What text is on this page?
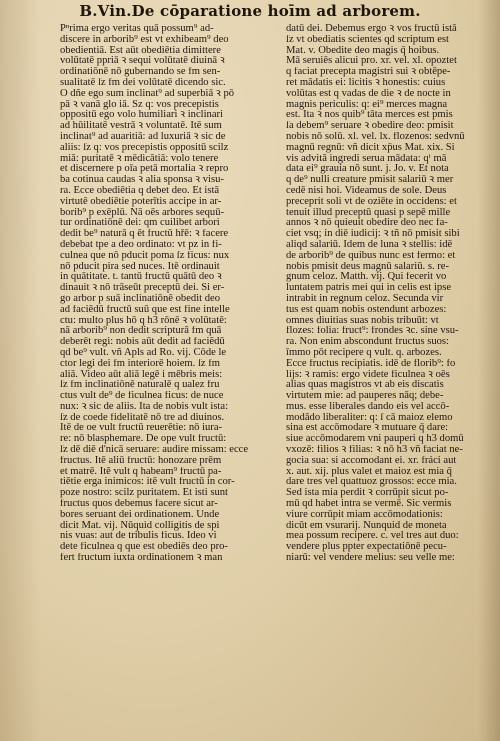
B.Vin.De cōparatione hoīm ad arborem.
Pⁿrima ergo veritas quā possum⁹ ad-
discere in arborib⁹ est vt exhibeam⁹ deo
obedientiā. Est aūt obediētia dimittere
volūtatē ppriā ꝛ sequi volūtatē diuinā ꝛ
ordinatiōnē nō gubernando se fm sen-
sualitatē ſz fm dei volūtatē dicendo sic.
O dñe ego sum inclinat⁹ ad superbiā ꝛ pō
pā ꝛ vanā glo iā. Sz q: vos precepistis
oppositū ego volo humiliari ꝛ inclinari
ad hūilitatē vestrā ꝛ voluntatē. Itē sum
inclinat⁹ ad auaritiā: ad luxuriā ꝛ sic de
aliis: ſz q: vos precepistis oppositū scilz
miā: puritatē ꝛ mēdicātiā: volo tenere
et discernere p oīa petā mortalia ꝛ repro
ba cotinua caudas ꝛ alia sponsa ꝛ visu-
ra. Ecce obediētia q debet deo. Et istā
virtutē obediētie poterītis accipe in ar-
borib⁹ p exēplū. Nā oēs arbores sequū-
tur ordinatiōnē dei: qm cuilibet arbori
dedit be⁹ naturā q ēt fructū hřē: ꝛ facere
debebat tpe a deo ordinato: vt pz in fi-
culnea que nō pducit poma ſz ficus: nux
nō pducit pira sed nuces. Itē ordinauit
in quātitate. t. tantū fructū quātū deo ꝛ
dinauit ꝛ nō trāseūt preceptū dei. Si er-
go arbor p suā inclinatiōnē obedit deo
ad faciēdū fructū suū que est fine intelle
ctu: multo plus hō q h3 rōnē ꝛ volūtatē:
nā arborib⁹ non dedit scripturā fm quā
deberēt regi: nobis aūt dedit ad faciēdū
qd be⁹ vult. vñ Apls ad Ro. vij. Cōde le
ctor legi dei fm interiorē hoiem. ſz fm
aliā. Video aūt aliā legē i mēbris meis:
ſz fm inclinatiōnē naturalē q ualez fru
ctus vult de⁹ de ficulnea ficus: de nuce
nux: ꝛ sic de aliis. Ita de nobis vult ista:
ſz de coede fidelitatē nō tre ad diuinos.
Itē de oe vult fructū reuerētie: nō iura-
re: nō blasphemare. De ope vult fructū:
ſz dē diē d'nicā seruare: audire missam: ecce
fructus. Itē aliū fructū: honozare prēm
et matrē. Itē vult q habeam⁹ fructū pa-
tiētie erga inimicos: itē vult fructū in cor-
poze nostro: scilz puritatem. Et isti sunt
fructus quos debemus facere sicut ar-
bores seruant dei ordinationem. Unde
dicit Mat. vij. Nūquid colligitis de spi
nis vuas: aut de tribulis ficus. Ideo vi
dete ficulnea q que est obediēs deo pro-
fert fructum iuxta ordinationem ꝛ man
datū dei. Debemus ergo ꝛ vos fructū istā
ſz vt obediatis scientes qd scriptum est
Mat. v. Obedite deo magis q̄ hoibus.
Mā seruiēs alicui pro. xr. vel. xl. opoztet
q faciat precepta magistri sui ꝛ obtēpe-
ret mādatis ei: licitis ꝛ honestis: cuius
volūtas est q vadas de die ꝛ de nocte in
magnis periculis: q: ei⁹ merces magna
est. Ita ꝛ nos quib⁹ tāta merces est pmis
ſa debem⁹ seruare ꝛ obedire deo: pmisit
nobis nō solū. xl. vel. lx. flozenos: sedvnū
magnū regnū: vñ dicit xp̄us Mat. xix. Si
vis advitā ingredi serua mādata: qⁱ mā
data ei⁹ grauia nō sunt. j. Jo. v. Et nota
q de⁹ nulli creature pmisit salariū ꝛ mer
cedē nisi hoi. Videamus de sole. Deus
preceprit soli vt de oziēte in occidens: et
tenuit illud preceptū quasi p sepē mille
annos ꝛ nō quieuit obedire deo nec fa-
ciet vsq; in diē iudicij: ꝛ tñ nō pmisit sibi
aliqd salariū. Idem de luna ꝛ stellis: idē
de arborib⁹ de quibus nunc est fermo: et
nobis pmisit deus magnū salariū. s. re-
gnum celoz. Matth. vij. Qui fecerit vo
luntatem patris mei qui in celis est ipse
intrabit in regnum celoz. Secunda vir
tus est quam nobis ostendunt arbozes:
omnes diuitias suas nobis tribuūt: vt
flozes: folia: fruct⁹: frondes ꝛc. sine vsu-
ra. Non enim abscondunt fructus suos:
īmmo pōt recipere q vult. q. arbozes.
Ecce fructus recipiatis. idē de florib⁹: fo
lijs: ꝛ ramis: ergo videte ficulnea ꝛ oēs
alias quas magistros vt ab eis discatis
virtutem mie: ad pauperes nāq; debe-
mus. esse liberales dando eis vel accō-
modādo liberaliter: q: ſ cā maioz elemo
sina est accōmodare ꝛ mutuare q̄ dare:
siue accōmodarem vni pauperi q h3 domū
vxozē: filios ꝛ filias: ꝛ nō h3 vñ faciat ne-
gocia sua: si accomodant ei. xr. fráci aut
x. aut. xij. plus valet et maioz est mia q̄
dare tres vel quattuoz grossos: ecce mia.
Sed ista mia perdit ꝛ corrūpit sicut po-
mū qd habet intra se vermē. Sic vermis
viure corrūpit miam accōmodationis:
dicūt em vsurarij. Nunquid de moneta
mea possum recipere. c. vel tres aut duo:
vendere plus ppter expectatiōnē pecu-
niarū: vel vendere melius: seu velle me:
